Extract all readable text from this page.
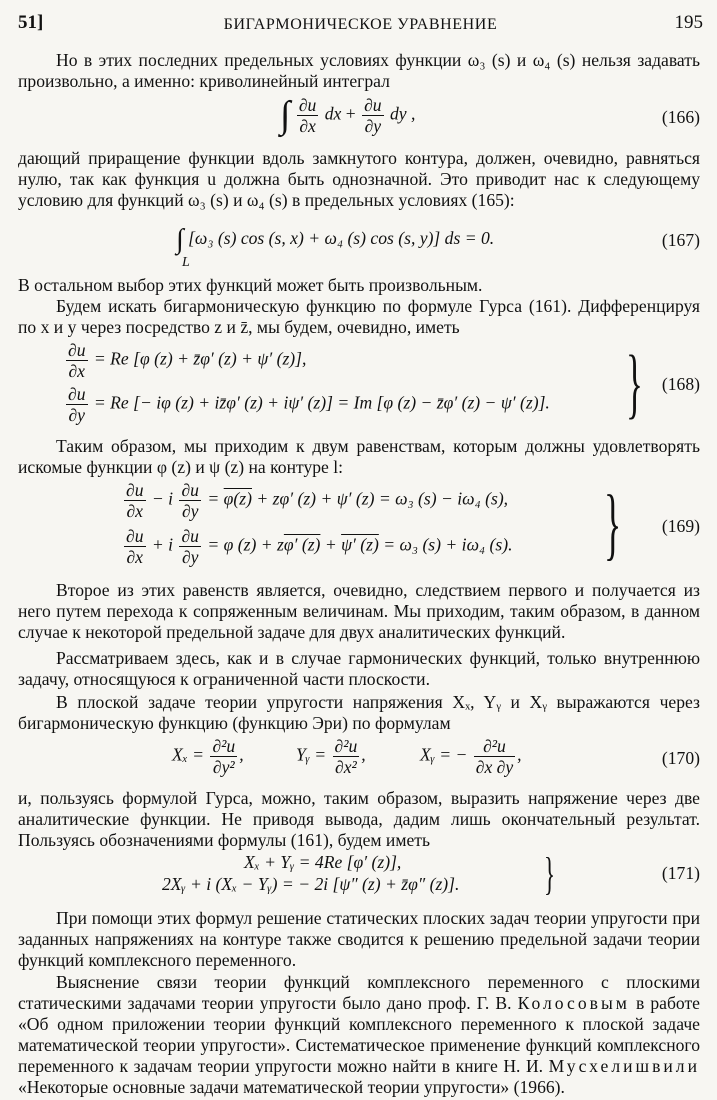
51]	БИГАРМОНИЧЕСКОЕ УРАВНЕНИЕ	195

Но в этих последних предельных условиях функции ω₃ (s) и ω₄ (s) нельзя задавать произвольно, а именно: криволинейный интеграл

∫ $\frac{\partial u}{\partial x}$ dx + $\frac{\partial u}{\partial y}$ dy ,	(166)

дающий приращение функции вдоль замкнутого контура, должен, очевидно, равняться нулю, так как функция u должна быть однозначной. Это приводит нас к следующему условию для функций ω₃ (s) и ω₄ (s) в предельных условиях (165):

∫ [ω₃ (s) cos (s, x) + ω₄ (s) cos (s, y)] ds = 0.
L
(167)

В остальном выбор этих функций может быть произвольным.

Будем искать бигармоническую функцию по формуле Гурса (161). Дифференцируя по x и y через посредство z и z̄, мы будем, очевидно, иметь

$\frac{\partial u}{\partial x} = Re$ [φ (z) + z̄φ′ (z) + ψ′ (z)],
$\frac{\partial u}{\partial y} = Re$ [− iφ (z) + iz̄φ′ (z) + iψ′ (z)] = Im [φ (z) − z̄φ′ (z) − ψ′ (z)]. } (168)

Таким образом, мы приходим к двум равенствам, которым должны удовлетворять искомые функции φ (z) и ψ (z) на контуре l:

$\frac{\partial u}{\partial x} - i \frac{\partial u}{\partial y} = \varphi(z) + z\varphi'$ (z) + ψ′ (z) = ω₃ (s) − iω₄ (s),
$\frac{\partial u}{\partial x} + i \frac{\partial u}{\partial y} = \varphi$ (z) + zφ′ (z) + ψ′ (z) = ω₃ (s) + iω₄ (s). } (169)

Второе из этих равенств является, очевидно, следствием первого и получается из него путем перехода к сопряженным величинам. Мы приходим, таким образом, в данном случае к некоторой предельной задаче для двух аналитических функций.

Рассматриваем здесь, как и в случае гармонических функций, только внутреннюю задачу, относящуюся к ограниченной части плоскости.

В плоской задаче теории упругости напряжения Xₓ, Yᵧ и Xᵧ выражаются через бигармоническую функцию (функцию Эри) по формулам

$X_x = \frac{\text{∂²u}}{\text{∂y²}}$ ,	Yᵧ = $\frac{\text{∂²u}}{\text{∂x²}}$ ,	Xᵧ = − $\frac{\text{∂²u}}{\partial x \partial y}$ ,	(170)

и, пользуясь формулой Гурса, можно, таким образом, выразить напряжение через две аналитические функции. Не приводя вывода, дадим лишь окончательный результат. Пользуясь обозначениями формулы (161), будем иметь

Xₓ + Yᵧ = 4Re [φ′ (z)],
2Xᵧ + i (Xₓ − Yᵧ) = − 2i [ψ″ (z) + z̄φ″ (z)]. }	(171)

При помощи этих формул решение статических плоских задач теории упругости при заданных напряжениях на контуре также сводится к решению предельной задачи теории функций комплексного переменного.

Выяснение связи теории функций комплексного переменного с плоскими статическими задачами теории упругости было дано проф. Г. В. Колосовым в работе «Об одном приложении теории функций комплексного переменного к плоской задаче математической теории упругости». Систематическое применение функций комплексного переменного к задачам теории упругости можно найти в книге Н. И. Мусхелишвили «Некоторые основные задачи математической теории упругости» (1966).
